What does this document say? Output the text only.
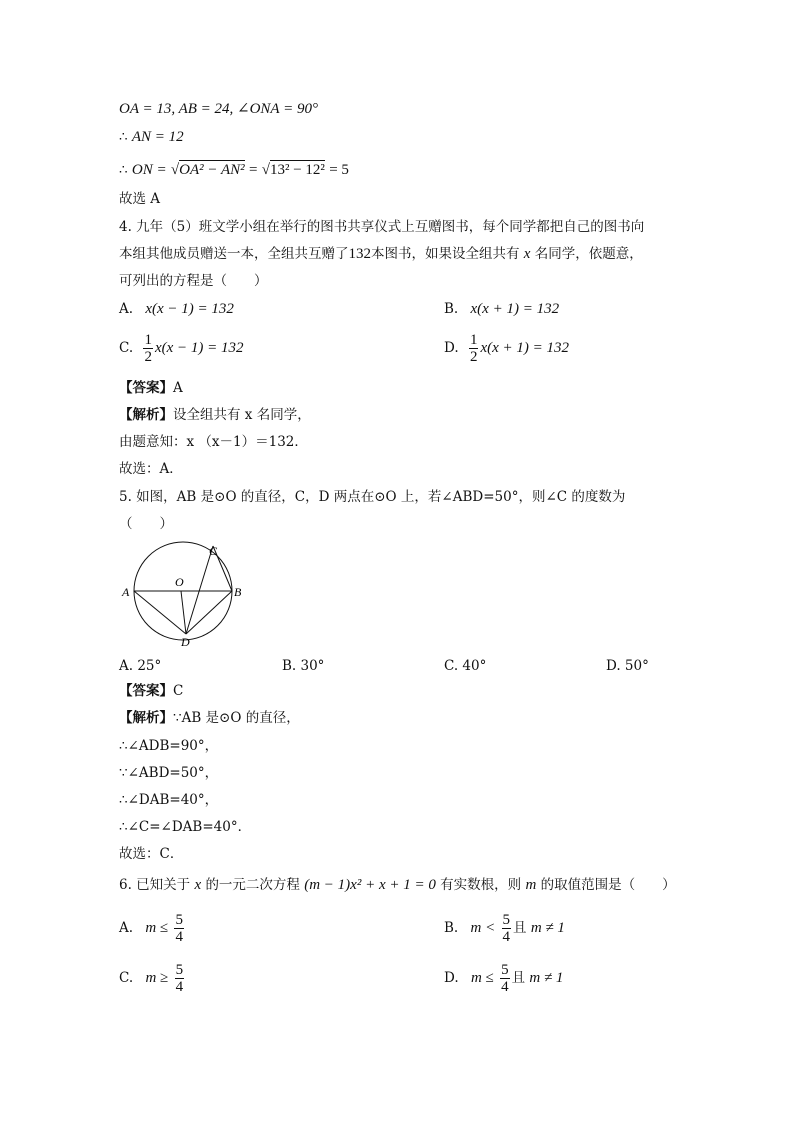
OA = 13, AB = 24, ∠ONA = 90°
∴ AN = 12
∴ ON = √OA² − AN² = √13² − 12² = 5
故选 A
4. 九年（5）班文学小组在举行的图书共享仪式上互赠图书，每个同学都把自己的图书向
本组其他成员赠送一本，全组共互赠了132本图书，如果设全组共有 x 名同学，依题意，
可列出的方程是（　　）
A. x(x − 1) = 132	B. x(x + 1) = 132
C. $\frac{1}{2} x(x - 1) = 132$	D. $\frac{1}{2} x(x + 1) = 132$
【答案】A
【解析】设全组共有 x 名同学，
由题意知：x （x－1）＝132．
故选：A．
5. 如图，AB 是⊙O 的直径，C，D 两点在⊙O 上，若∠ABD=50°，则∠C 的度数为
（　　）
A	B
C
D
O
A. 25°	B. 30°	C. 40°	D. 50°
【答案】C
【解析】∵AB 是⊙O 的直径，
∴∠ADB=90°，
∵∠ABD=50°，
∴∠DAB=40°，
∴∠C=∠DAB=40°．
故选：C．
6. 已知关于 x 的一元二次方程 (m − 1)x² + x + 1 = 0 有实数根，则 m 的取值范围是（　　）
A. $m \le \frac{5}{4}$	B. $m < \frac{5}{4}$ 且 m ≠ 1
C. $m \ge \frac{5}{4}$	D. $m \le \frac{5}{4}$ 且 m ≠ 1
